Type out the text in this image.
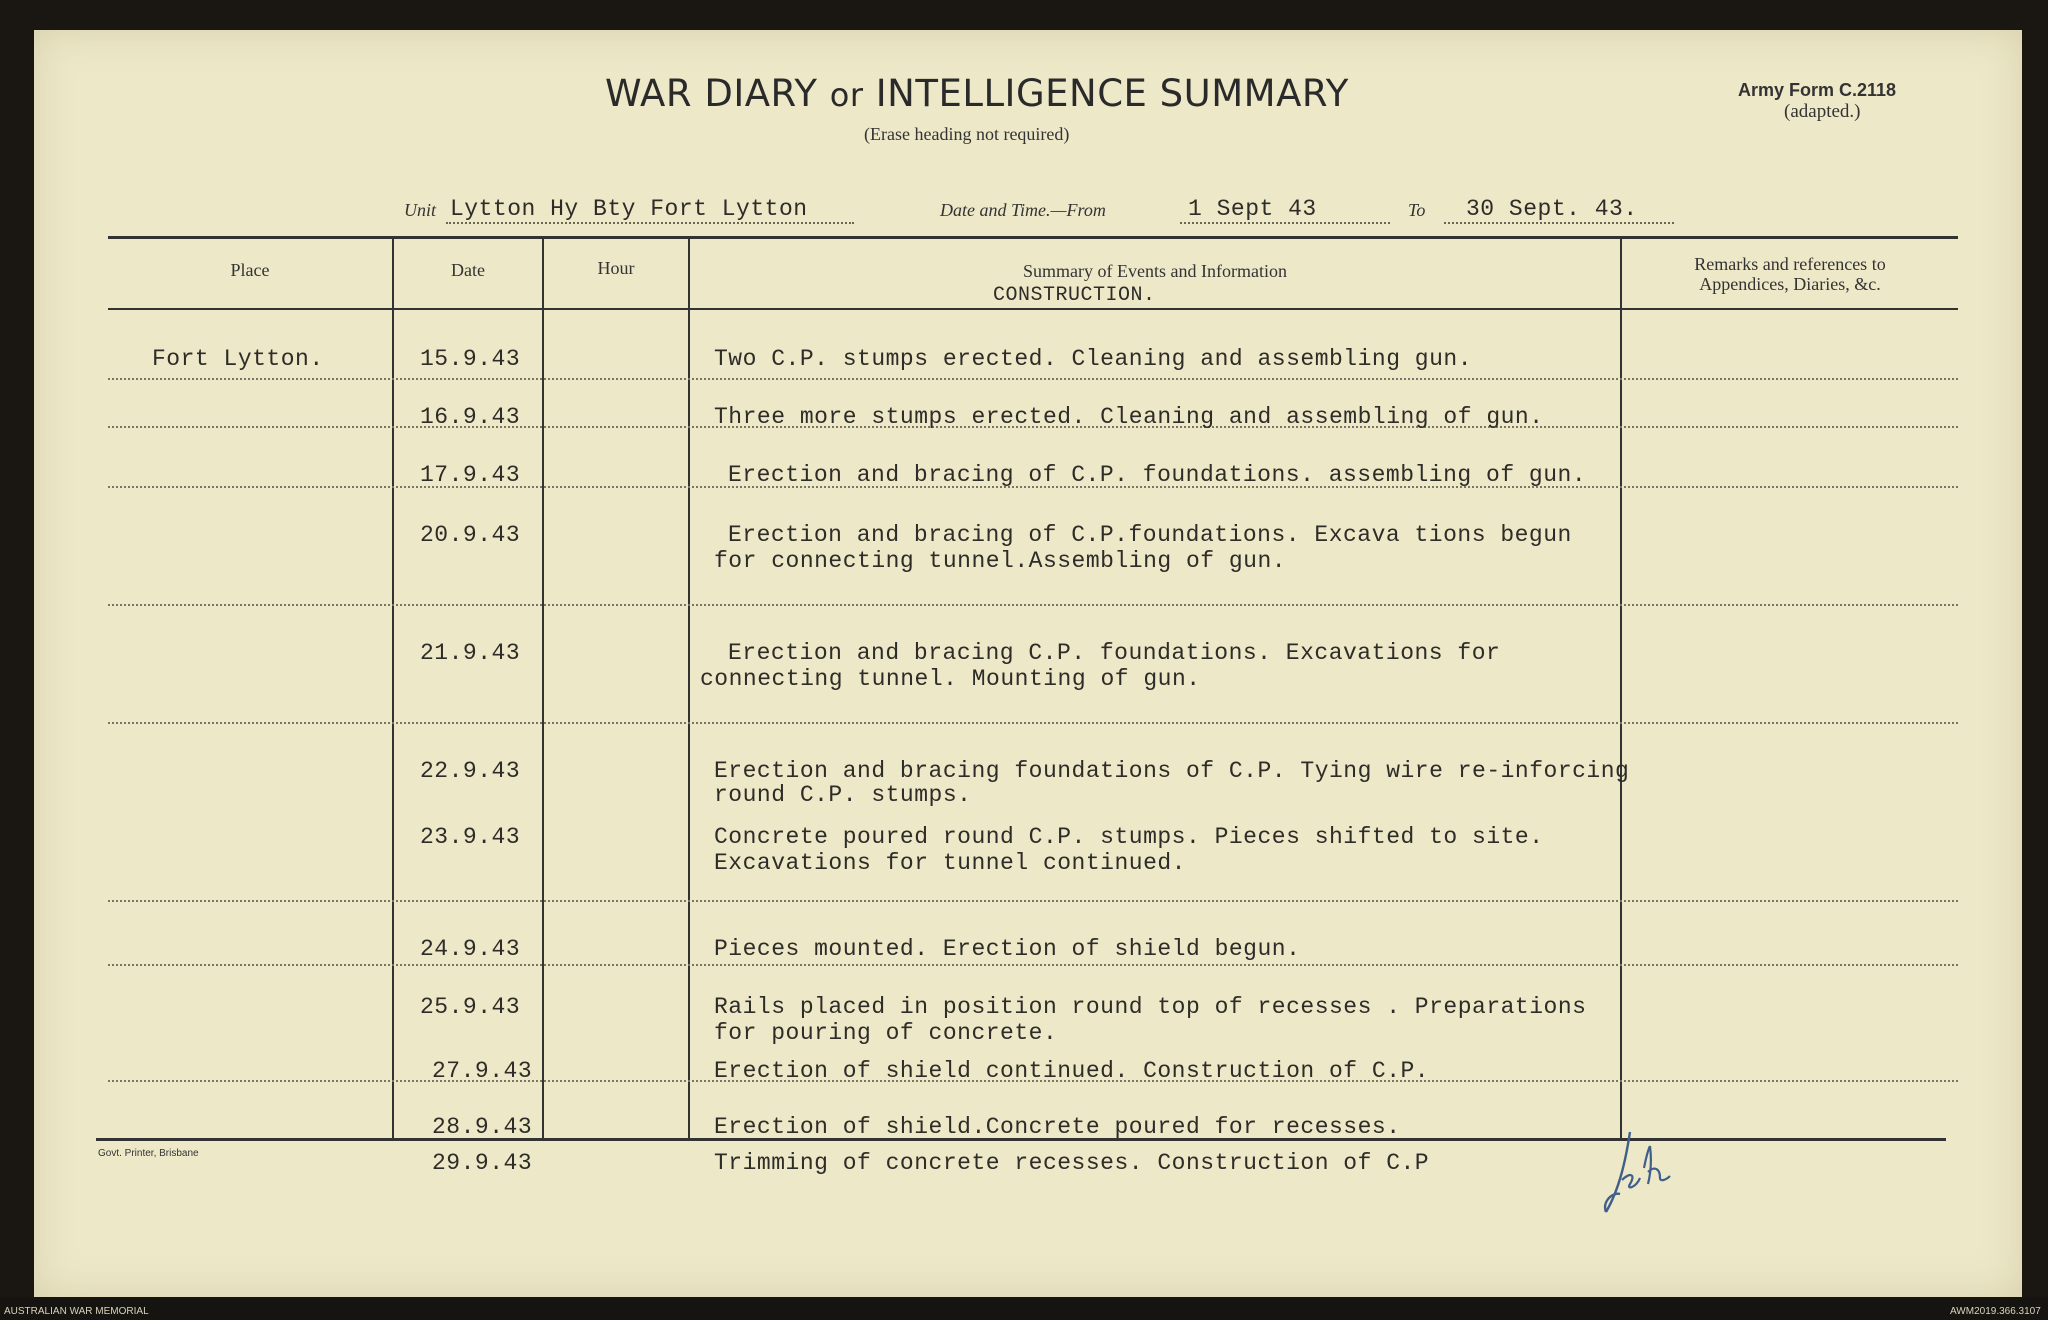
WAR DIARY or INTELLIGENCE SUMMARY
(Erase heading not required)
Army Form C.2118
(adapted.)
Unit Lytton Hy Bty Fort Lytton	Date and Time.—From	1 Sept 43	To 30 Sept. 43.
Place	Date	Hour	Summary of Events and Information
CONSTRUCTION.
Remarks and references to
Appendices, Diaries, &c.
Fort Lytton.	15.9.43	Two C.P. stumps erected. Cleaning and assembling gun.
16.9.43	Three more stumps erected. Cleaning and assembling of gun.
17.9.43	Erection and bracing of C.P. foundations. assembling of gun.
20.9.43	Erection and bracing of C.P.foundations. Excava tions begun
for connecting tunnel.Assembling of gun.
21.9.43	Erection and bracing C.P. foundations. Excavations for
connecting tunnel. Mounting of gun.
22.9.43	Erection and bracing foundations of C.P. Tying wire re-inforcing
round C.P. stumps.
23.9.43	Concrete poured round C.P. stumps. Pieces shifted to site.
Excavations for tunnel continued.
24.9.43	Pieces mounted. Erection of shield begun.
25.9.43	Rails placed in position round top of recesses . Preparations
for pouring of concrete.
27.9.43	Erection of shield continued. Construction of C.P.
28.9.43	Erection of shield.Concrete poured for recesses.
29.9.43	Trimming of concrete recesses. Construction of C.P
Govt. Printer, Brisbane
AUSTRALIAN WAR MEMORIAL	AWM2019.366.3107
